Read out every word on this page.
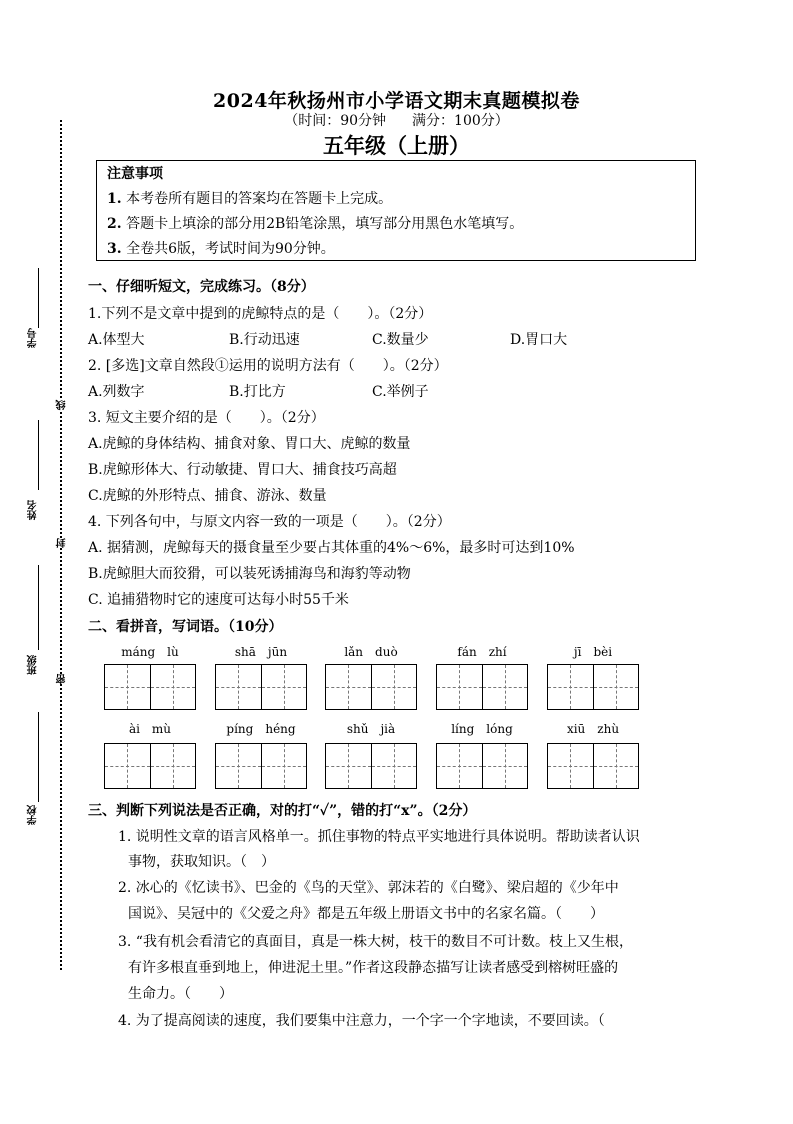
2024年秋扬州市小学语文期末真题模拟卷
（时间：90分钟 满分：100分）
五年级（上册）
注意事项
1. 本考卷所有题目的答案均在答题卡上完成。
2. 答题卡上填涂的部分用2B铅笔涂黑，填写部分用黑色水笔填写。
3. 全卷共6版，考试时间为90分钟。
学号
姓名
班级
学校
线
封
密
一、仔细听短文，完成练习。（8分）
1.下列不是文章中提到的虎鲸特点的是（　　）。（2分）
A.体型大	B.行动迅速	C.数量少	D.胃口大
2. [多选]文章自然段①运用的说明方法有（　　）。（2分）
A.列数字	B.打比方	C.举例子
3. 短文主要介绍的是（　　）。（2分）
A.虎鲸的身体结构、捕食对象、胃口大、虎鲸的数量
B.虎鲸形体大、行动敏捷、胃口大、捕食技巧高超
C.虎鲸的外形特点、捕食、游泳、数量
4. 下列各句中，与原文内容一致的一项是（　　）。（2分）
A. 据猜测，虎鲸每天的摄食量至少要占其体重的4%～6%，最多时可达到10%
B.虎鲸胆大而狡猾，可以装死诱捕海鸟和海豹等动物
C. 追捕猎物时它的速度可达每小时55千米
二、看拼音，写词语。（10分）
máng　lù	shā　jūn	lǎn　duò	fán　zhí	jī　bèi
ài　mù	píng　héng	shǔ　jià	líng　lóng	xiū　zhù
三、判断下列说法是否正确，对的打“✓”，错的打“x”。（2分）
1. 说明性文章的语言风格单一。抓住事物的特点平实地进行具体说明。帮助读者认识
事物，获取知识。（　）
2. 冰心的《忆读书》、巴金的《鸟的天堂》、郭沫若的《白鹭》、梁启超的《少年中
国说》、吴冠中的《父爱之舟》都是五年级上册语文书中的名家名篇。（　　）
3. “我有机会看清它的真面目，真是一株大树，枝干的数目不可计数。枝上又生根，
有许多根直垂到地上，伸进泥土里。”作者这段静态描写让读者感受到榕树旺盛的
生命力。（　　）
4. 为了提高阅读的速度，我们要集中注意力，一个字一个字地读，不要回读。（
